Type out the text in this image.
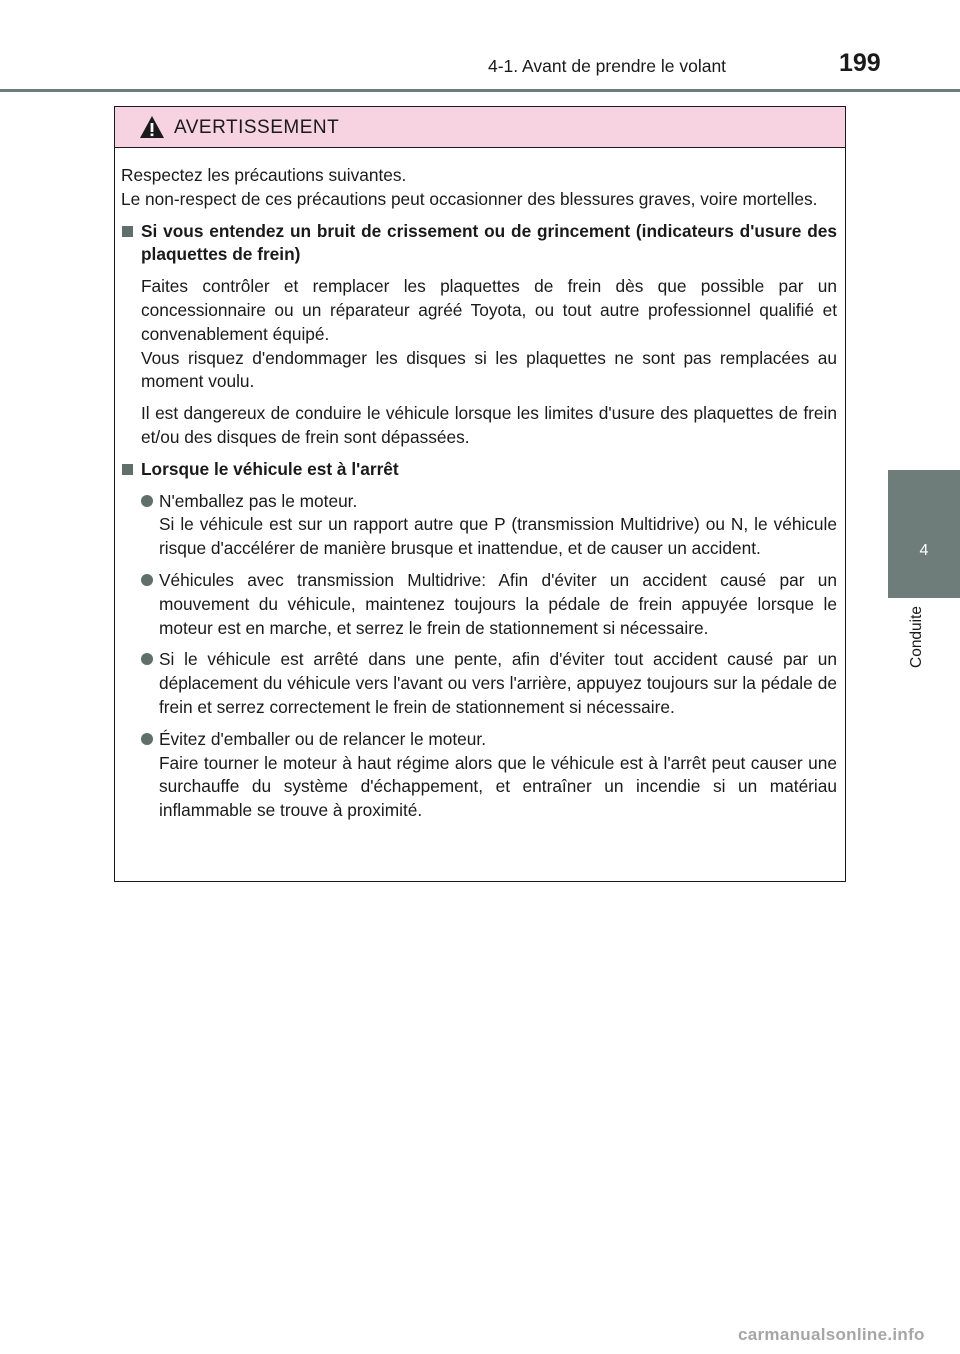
4-1. Avant de prendre le volant	199
4
Conduite
AVERTISSEMENT

Respectez les précautions suivantes.

Le non-respect de ces précautions peut occasionner des blessures graves, voire mortelles.

Si vous entendez un bruit de crissement ou de grincement (indicateurs d'usure des plaquettes de frein)

Faites contrôler et remplacer les plaquettes de frein dès que possible par un concessionnaire ou un réparateur agréé Toyota, ou tout autre professionnel qualifié et convenablement équipé.

Vous risquez d'endommager les disques si les plaquettes ne sont pas remplacées au moment voulu.

Il est dangereux de conduire le véhicule lorsque les limites d'usure des plaquettes de frein et/ou des disques de frein sont dépassées.

Lorsque le véhicule est à l'arrêt

N'emballez pas le moteur.

Si le véhicule est sur un rapport autre que P (transmission Multidrive) ou N, le véhicule risque d'accélérer de manière brusque et inattendue, et de causer un accident.

Véhicules avec transmission Multidrive: Afin d'éviter un accident causé par un mouvement du véhicule, maintenez toujours la pédale de frein appuyée lorsque le moteur est en marche, et serrez le frein de stationnement si nécessaire.

Si le véhicule est arrêté dans une pente, afin d'éviter tout accident causé par un déplacement du véhicule vers l'avant ou vers l'arrière, appuyez toujours sur la pédale de frein et serrez correctement le frein de stationnement si nécessaire.

Évitez d'emballer ou de relancer le moteur.

Faire tourner le moteur à haut régime alors que le véhicule est à l'arrêt peut causer une surchauffe du système d'échappement, et entraîner un incendie si un matériau inflammable se trouve à proximité.

carmanualsonline.info
